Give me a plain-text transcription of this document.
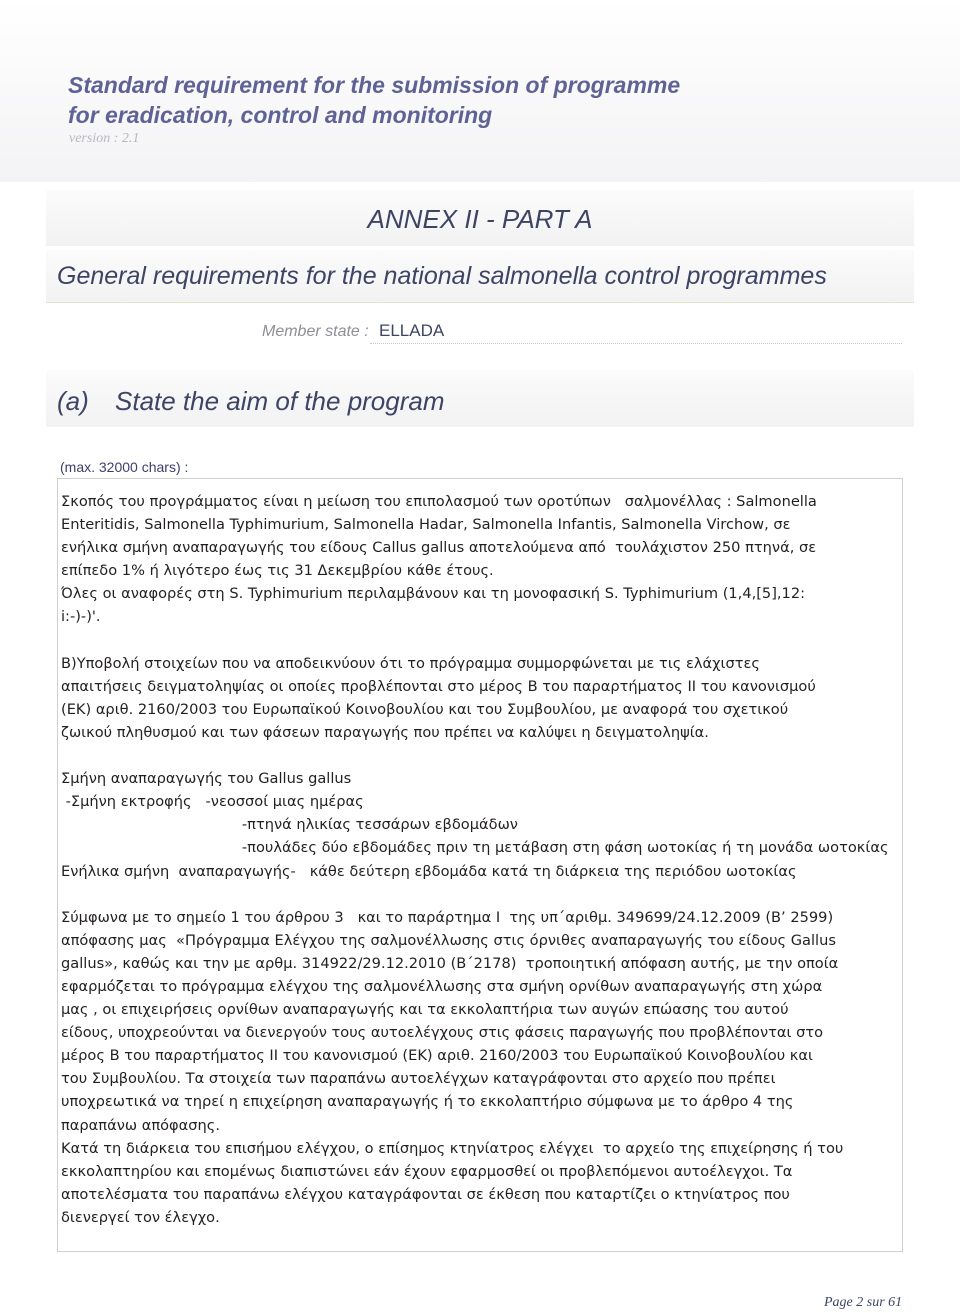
Standard requirement for the submission of programme
for eradication, control and monitoring

version : 2.1

ANNEX II - PART A
General requirements for the national salmonella control programmes
Member state : ELLADA
(a) State the aim of the program
(max. 32000 chars) :

Σκοπός του προγράμματος είναι η μείωση του επιπολασμού των οροτύπων   σαλμονέλλας : Salmonella
Enteritidis, Salmonella Typhimurium, Salmonella Hadar, Salmonella Infantis, Salmonella Virchow, σε
ενήλικα σμήνη αναπαραγωγής του είδους Callus gallus αποτελούμενα από  τουλάχιστον 250 πτηνά, σε
επίπεδο 1% ή λιγότερο έως τις 31 Δεκεμβρίου κάθε έτους.
Όλες οι αναφορές στη S. Typhimurium περιλαμβάνουν και τη μονοφασική S. Typhimurium (1,4,[5],12:
i:-)-)'.

Β)Υποβολή στοιχείων που να αποδεικνύουν ότι το πρόγραμμα συμμορφώνεται με τις ελάχιστες
απαιτήσεις δειγματοληψίας οι οποίες προβλέπονται στο μέρος Β του παραρτήματος ΙΙ του κανονισμού
(ΕΚ) αριθ. 2160/2003 του Ευρωπαϊκού Κοινοβουλίου και του Συμβουλίου, με αναφορά του σχετικού
ζωικού πληθυσμού και των φάσεων παραγωγής που πρέπει να καλύψει η δειγματοληψία.

Σμήνη αναπαραγωγής του Gallus gallus
-Σμήνη εκτροφής   -νεοσσοί μιας ημέρας
-πτηνά ηλικίας τεσσάρων εβδομάδων
-πουλάδες δύο εβδομάδες πριν τη μετάβαση στη φάση ωοτοκίας ή τη μονάδα ωοτοκίας
Ενήλικα σμήνη  αναπαραγωγής-   κάθε δεύτερη εβδομάδα κατά τη διάρκεια της περιόδου ωοτοκίας

Σύμφωνα με το σημείο 1 του άρθρου 3   και το παράρτημα Ι  της υπ΄αριθμ. 349699/24.12.2009 (Β’ 2599)
απόφασης μας  «Πρόγραμμα Ελέγχου της σαλμονέλλωσης στις όρνιθες αναπαραγωγής του είδους Gallus
gallus», καθώς και την με αρθμ. 314922/29.12.2010 (Β΄2178)  τροποιητική απόφαση αυτής, με την οποία
εφαρμόζεται το πρόγραμμα ελέγχου της σαλμονέλλωσης στα σμήνη ορνίθων αναπαραγωγής στη χώρα
μας , οι επιχειρήσεις ορνίθων αναπαραγωγής και τα εκκολαπτήρια των αυγών επώασης του αυτού
είδους, υποχρεούνται να διενεργούν τους αυτοελέγχους στις φάσεις παραγωγής που προβλέπονται στο
μέρος Β του παραρτήματος ΙΙ του κανονισμού (ΕΚ) αριθ. 2160/2003 του Ευρωπαϊκού Κοινοβουλίου και
του Συμβουλίου. Τα στοιχεία των παραπάνω αυτοελέγχων καταγράφονται στο αρχείο που πρέπει
υποχρεωτικά να τηρεί η επιχείρηση αναπαραγωγής ή το εκκολαπτήριο σύμφωνα με το άρθρο 4 της
παραπάνω απόφασης.
Κατά τη διάρκεια του επισήμου ελέγχου, ο επίσημος κτηνίατρος ελέγχει  το αρχείο της επιχείρησης ή του
εκκολαπτηρίου και επομένως διαπιστώνει εάν έχουν εφαρμοσθεί οι προβλεπόμενοι αυτοέλεγχοι. Τα
αποτελέσματα του παραπάνω ελέγχου καταγράφονται σε έκθεση που καταρτίζει ο κτηνίατρος που
διενεργεί τον έλεγχο.

Page 2 sur 61
